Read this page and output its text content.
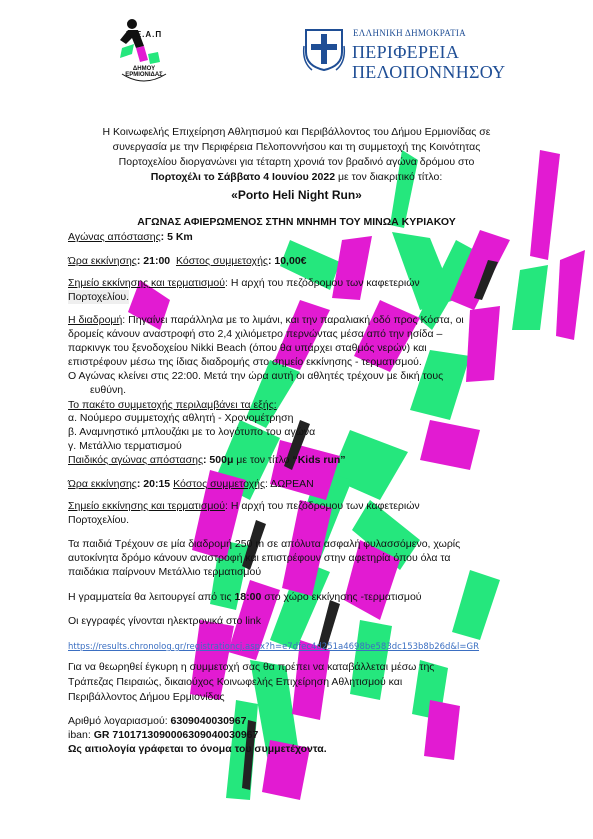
Κ.Ε.Α.Π
ΔΗΜΟΥ ΕΡΜΙΟΝΙΔΑΣ
ΕΛΛΗΝΙΚΗ ΔΗΜΟΚΡΑΤΙΑ
ΠΕΡΙΦΕΡΕΙΑ
ΠΕΛΟΠΟΝΝΗΣΟΥ
Η Κοινωφελής Επιχείρηση Αθλητισμού και Περιβάλλοντος του Δήμου Ερμιονίδας σε
συνεργασία με την Περιφέρεια Πελοποννήσου και τη συμμετοχή της Κοινότητας
Πορτοχελίου διοργανώνει για τέταρτη χρονιά τον βραδινό αγώνα δρόμου στο
Πορτοχέλι το Σάββατο 4 Ιουνίου 2022 με τον διακριτικό τίτλο:
«Porto Heli Night Run»
ΑΓΩΝΑΣ ΑΦΙΕΡΩΜΕΝΟΣ ΣΤΗΝ ΜΝΗΜΗ ΤΟΥ ΜΙΝΩΑ ΚΥΡΙΑΚΟΥ
Αγώνας απόστασης: 5 Km
Ώρα εκκίνησης: 21:00 Κόστος συμμετοχής: 10,00€
Σημείο εκκίνησης και τερματισμού: Η αρχή του πεζόδρομου των καφετεριών
Πορτοχελίου.
Η διαδρομή: Πηγαίνει παράλληλα με το λιμάνι, και την παραλιακή οδό προς Κόστα, οι
δρομείς κάνουν αναστροφή στο 2,4 χιλιόμετρο περνώντας μέσα από την ησίδα –
παρκινγκ του ξενοδοχείου Nikki Beach (όπου θα υπάρχει σταθμός νερών) και
επιστρέφουν μέσω της ίδιας διαδρομής στο σημείο εκκίνησης - τερματισμού.
Ο Αγώνας κλείνει στις 22:00. Μετά την ώρα αυτή οι αθλητές τρέχουν με δική τους
ευθύνη.
Το πακέτο συμμετοχής περιλαμβάνει τα εξής:
α. Νούμερο συμμετοχής αθλητή - Χρονομέτρηση
β. Αναμνηστικό μπλουζάκι με το λογότυπο του αγώνα
γ. Μετάλλιο τερματισμού
Παιδικός αγώνας απόστασης: 500μ με τον τίτλο “Kids run”
Ώρα εκκίνησης: 20:15 Κόστος συμμετοχής: ΔΩΡΕΑΝ
Σημείο εκκίνησης και τερματισμού: Η αρχή του πεζόδρομου των καφετεριών
Πορτοχελίου.
Τα παιδιά Τρέχουν σε μία διαδρομή 250 m σε απόλυτα ασφαλή φυλασσόμενο, χωρίς
αυτοκίνητα δρόμο κάνουν αναστροφή και επιστρέφουν στην αφετηρία όπου όλα τα
παιδάκια παίρνουν Μετάλλιο τερματισμού
Η γραμματεία θα λειτουργεί από τις 18:00 στο χώρο εκκίνησης -τερματισμού
Οι εγγραφές γίνονται ηλεκτρονικά στο link
https://results.chronolog.gr/registrationcj.aspx?h=e7dfec4d251a4698be583dc153b8b26d&l=GR
Για να θεωρηθεί έγκυρη η συμμετοχή σας θα πρέπει να καταβάλλεται μέσω της
Τράπεζας Πειραιώς, δικαιούχος Κοινωφελής Επιχείρηση Αθλητισμού και
Περιβάλλοντος Δήμου Ερμιονίδας
Αριθμό λογαριασμού: 6309040030967
iban: GR 7101713090006309040030967
Ως αιτιολογία γράφεται το όνομα του συμμετέχοντα.
